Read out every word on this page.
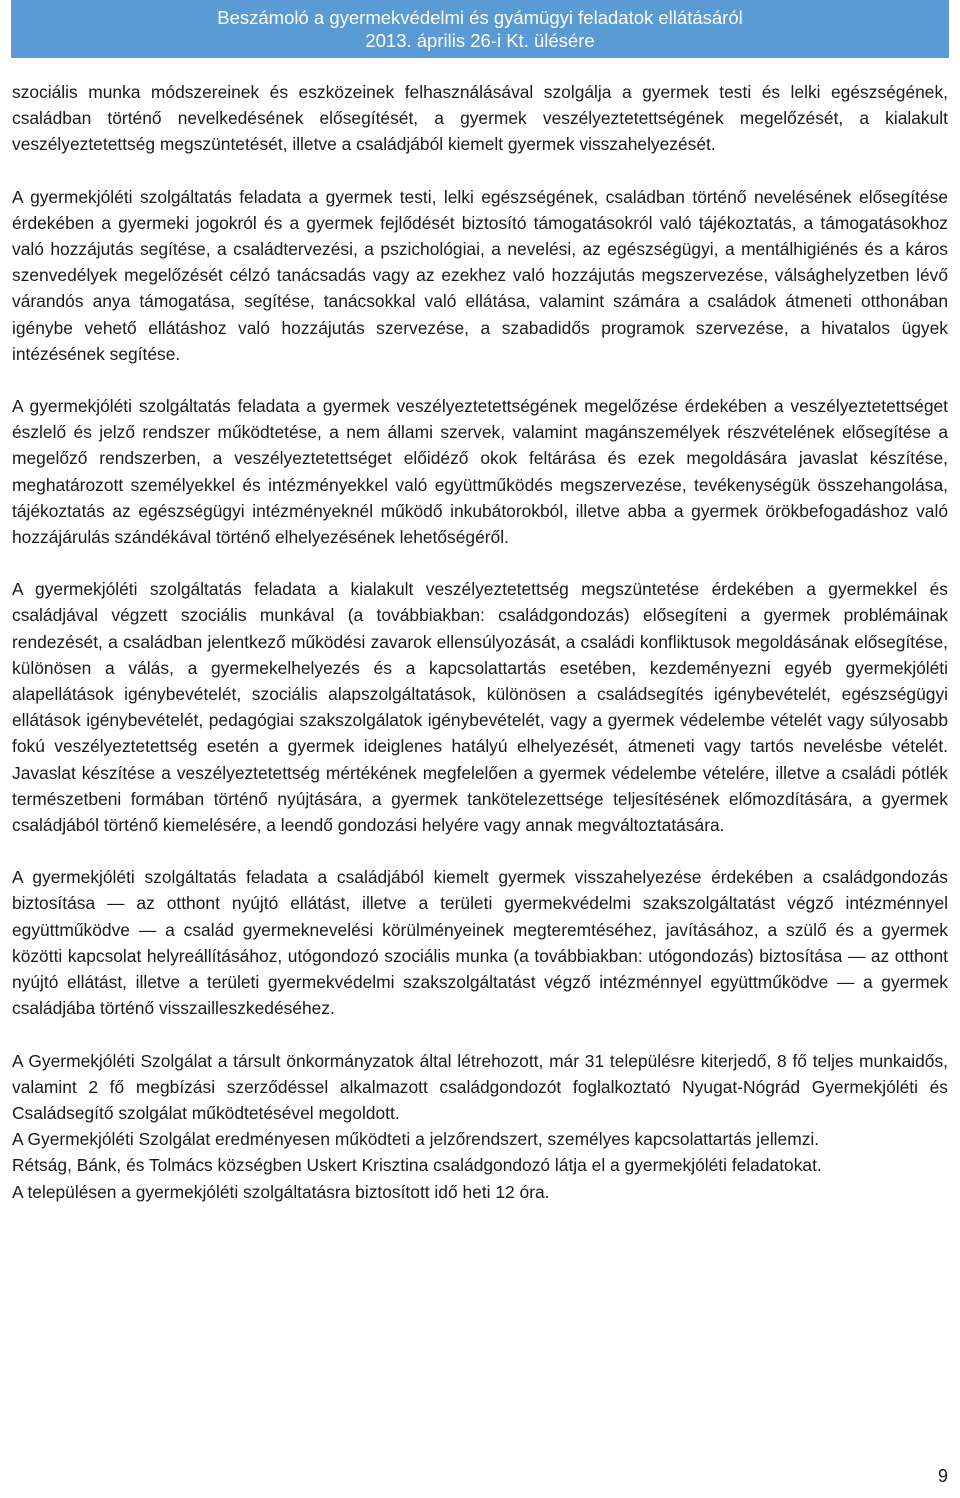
Beszámoló a gyermekvédelmi és gyámügyi feladatok ellátásáról
2013. április 26-i Kt. ülésére

szociális munka módszereinek és eszközeinek felhasználásával szolgálja a gyermek testi és lelki egészségének, családban történő nevelkedésének elősegítését, a gyermek veszélyeztetettségének megelőzését, a kialakult veszélyeztetettség megszüntetését, illetve a családjából kiemelt gyermek visszahelyezését.

A gyermekjóléti szolgáltatás feladata a gyermek testi, lelki egészségének, családban történő nevelésének elősegítése érdekében a gyermeki jogokról és a gyermek fejlődését biztosító támogatásokról való tájékoztatás, a támogatásokhoz való hozzájutás segítése, a családtervezési, a pszichológiai, a nevelési, az egészségügyi, a mentálhigiénés és a káros szenvedélyek megelőzését célzó tanácsadás vagy az ezekhez való hozzájutás megszervezése, válsághelyzetben lévő várandós anya támogatása, segítése, tanácsokkal való ellátása, valamint számára a családok átmeneti otthonában igénybe vehető ellátáshoz való hozzájutás szervezése, a szabadidős programok szervezése, a hivatalos ügyek intézésének segítése.

A gyermekjóléti szolgáltatás feladata a gyermek veszélyeztetettségének megelőzése érdekében a veszélyeztetettséget észlelő és jelző rendszer működtetése, a nem állami szervek, valamint magánszemélyek részvételének elősegítése a megelőző rendszerben, a veszélyeztetettséget előidéző okok feltárása és ezek megoldására javaslat készítése, meghatározott személyekkel és intézményekkel való együttműködés megszervezése, tevékenységük összehangolása, tájékoztatás az egészségügyi intézményeknél működő inkubátorokból, illetve abba a gyermek örökbefogadáshoz való hozzájárulás szándékával történő elhelyezésének lehetőségéről.

A gyermekjóléti szolgáltatás feladata a kialakult veszélyeztetettség megszüntetése érdekében a gyermekkel és családjával végzett szociális munkával (a továbbiakban: családgondozás) elősegíteni a gyermek problémáinak rendezését, a családban jelentkező működési zavarok ellensúlyozását, a családi konfliktusok megoldásának elősegítése, különösen a válás, a gyermekelhelyezés és a kapcsolattartás esetében, kezdeményezni egyéb gyermekjóléti alapellátások igénybevételét, szociális alapszolgáltatások, különösen a családsegítés igénybevételét, egészségügyi ellátások igénybevételét, pedagógiai szakszolgálatok igénybevételét, vagy a gyermek védelembe vételét vagy súlyosabb fokú veszélyeztetettség esetén a gyermek ideiglenes hatályú elhelyezését, átmeneti vagy tartós nevelésbe vételét. Javaslat készítése a veszélyeztetettség mértékének megfelelően a gyermek védelembe vételére, illetve a családi pótlék természetbeni formában történő nyújtására, a gyermek tankötelezettsége teljesítésének előmozdítására, a gyermek családjából történő kiemelésére, a leendő gondozási helyére vagy annak megváltoztatására.

A gyermekjóléti szolgáltatás feladata a családjából kiemelt gyermek visszahelyezése érdekében a családgondozás biztosítása — az otthont nyújtó ellátást, illetve a területi gyermekvédelmi szakszolgáltatást végző intézménnyel együttműködve — a család gyermeknevelési körülményeinek megteremtéséhez, javításához, a szülő és a gyermek közötti kapcsolat helyreállításához, utógondozó szociális munka (a továbbiakban: utógondozás) biztosítása — az otthont nyújtó ellátást, illetve a területi gyermekvédelmi szakszolgáltatást végző intézménnyel együttműködve — a gyermek családjába történő visszailleszkedéséhez.

A Gyermekjóléti Szolgálat a társult önkormányzatok által létrehozott, már 31 településre kiterjedő, 8 fő teljes munkaidős, valamint 2 fő megbízási szerződéssel alkalmazott családgondozót foglalkoztató Nyugat-Nógrád Gyermekjóléti és Családsegítő szolgálat működtetésével megoldott.

A Gyermekjóléti Szolgálat eredményesen működteti a jelzőrendszert, személyes kapcsolattartás jellemzi.

Rétság, Bánk, és Tolmács községben Uskert Krisztina családgondozó látja el a gyermekjóléti feladatokat.

A településen a gyermekjóléti szolgáltatásra biztosított idő heti 12 óra.

9
